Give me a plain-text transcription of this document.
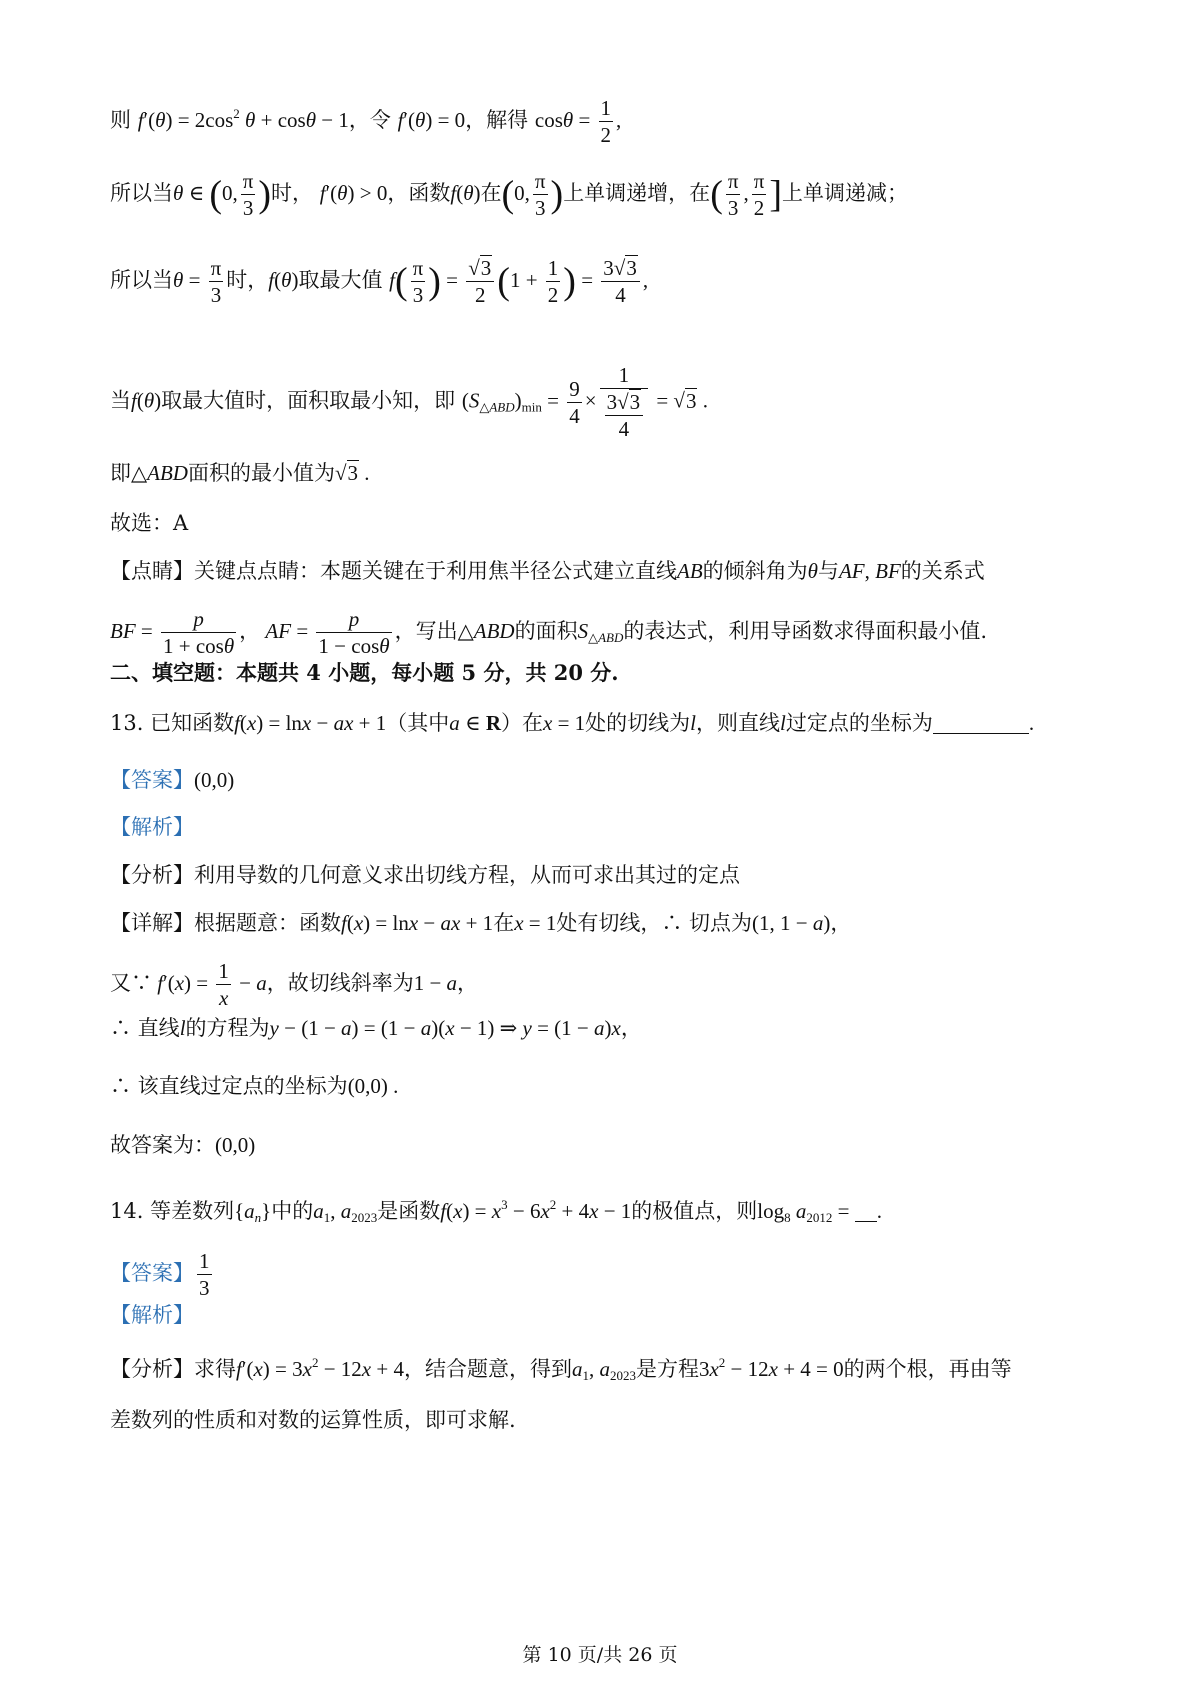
则 $f'(\theta) = 2\cos^2$ θ + cosθ − 1，令 f′(θ) = 0，解得 $\cos\theta = \frac{1}{2}$ ,
所以当θ ∈ (0, $\frac{\pi}{3}$ )时， f′(θ) > 0，函数f(θ)在(0, $\frac{\pi}{3}$ )上单调递增，在( $\frac{\pi}{3}$ , $\frac{\pi}{2}$ ]上单调递减；
所以当$\theta = \frac{\pi}{3}$ 时，f(θ)取最大值 $f( \frac{\pi}{3}$ ) = $\frac{√3}{2} (1 + \frac{1}{2}$ ) = $\frac{3√3}{4}$ ,
当f(θ)取最大值时，面积取最小知，即 $(S_{\triangle ABD})_{min} = \frac{9}{4} \times \frac{1}{\frac{3√3}{4}} = √3$ .
即△ABD面积的最小值为√3 .
故选：A
【点睛】关键点点睛：本题关键在于利用焦半径公式建立直线AB的倾斜角为θ与AF, BF的关系式
BF = $\frac{p}{1 + \cos\theta}$ ， AF = $\frac{p}{1 - \cos\theta}$ ，写出△ABD的面积$S_{\triangle ABD}$的表达式，利用导函数求得面积最小值.
二、填空题：本题共 4 小题，每小题 5 分，共 20 分.
13. 已知函数f(x) = lnx − ax + 1（其中a ∈ R）在x = 1处的切线为l，则直线l过定点的坐标为	.
【答案】(0,0)
【解析】
【分析】利用导数的几何意义求出切线方程，从而可求出其过的定点
【详解】根据题意：函数f(x) = lnx − ax + 1在x = 1处有切线，∴ 切点为(1, 1 − a)，
又∵ $f'(x) = \frac{1}{x} - a$，故切线斜率为1 − a，
∴ 直线l的方程为y − (1 − a) = (1 − a)(x − 1) ⇒ y = (1 − a)x，
∴ 该直线过定点的坐标为(0,0) .
故答案为：(0,0)
14. 等差数列$\{a_n\}$中的$a_1$, $a_{2023}$是函数$f(x) = x^3 - 6x^2 + 4x - 1$的极值点，则$\log_8 a_{2012}$ = .
【答案】 $\frac{1}{3}$
【解析】
【分析】求得$f'(x) = 3x^2 - 12x + 4$，结合题意，得到$a_1$, $a_{2023}$是方程$3x^2 - 12x + 4 = 0$的两个根，再由等
差数列的性质和对数的运算性质，即可求解.
第 10 页/共 26 页
